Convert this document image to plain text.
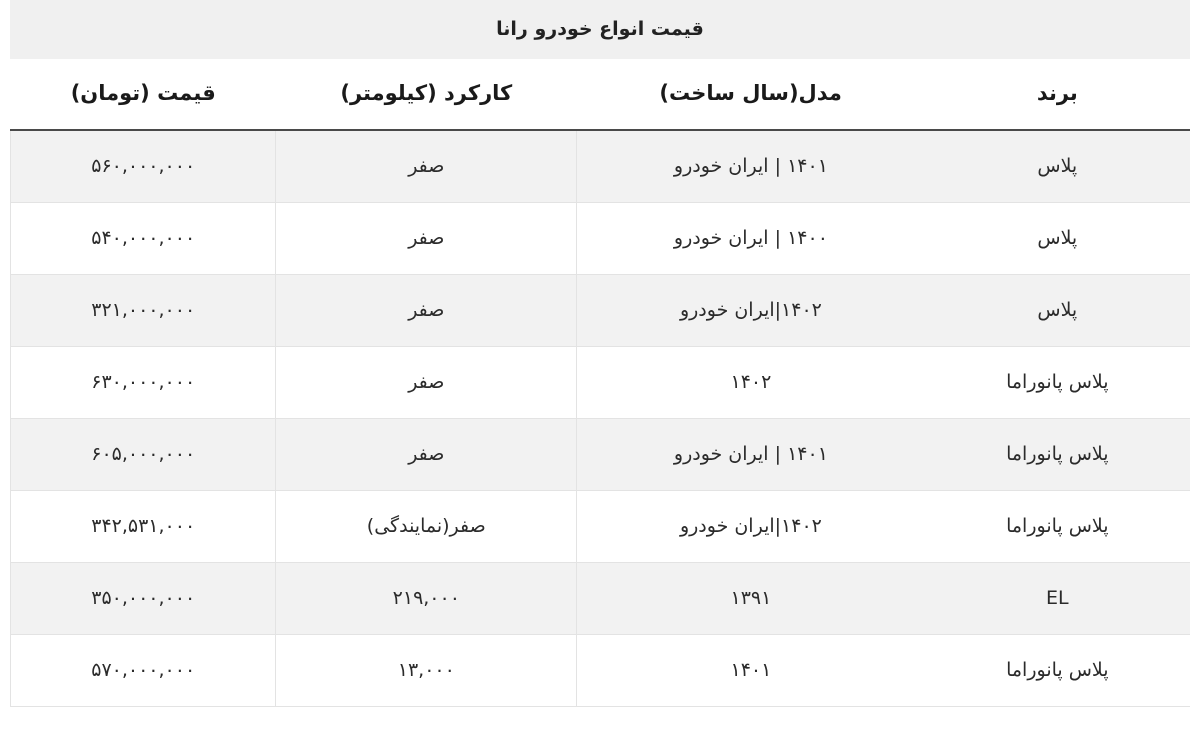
قیمت انواع خودرو رانا
برند	مدل(سال ساخت)	کارکرد (کیلومتر)	قیمت (تومان)
پلاس	۱۴۰۱ | ایران خودرو	صفر	۵۶۰,۰۰۰,۰۰۰
پلاس	۱۴۰۰ | ایران خودرو	صفر	۵۴۰,۰۰۰,۰۰۰
پلاس	۱۴۰۲|ایران خودرو	صفر	۳۲۱,۰۰۰,۰۰۰
پلاس پانوراما	۱۴۰۲	صفر	۶۳۰,۰۰۰,۰۰۰
پلاس پانوراما	۱۴۰۱ | ایران خودرو	صفر	۶۰۵,۰۰۰,۰۰۰
پلاس پانوراما	۱۴۰۲|ایران خودرو	صفر(نمایندگی)	۳۴۲,۵۳۱,۰۰۰
EL	۱۳۹۱	۲۱۹,۰۰۰	۳۵۰,۰۰۰,۰۰۰
پلاس پانوراما	۱۴۰۱	۱۳,۰۰۰	۵۷۰,۰۰۰,۰۰۰
